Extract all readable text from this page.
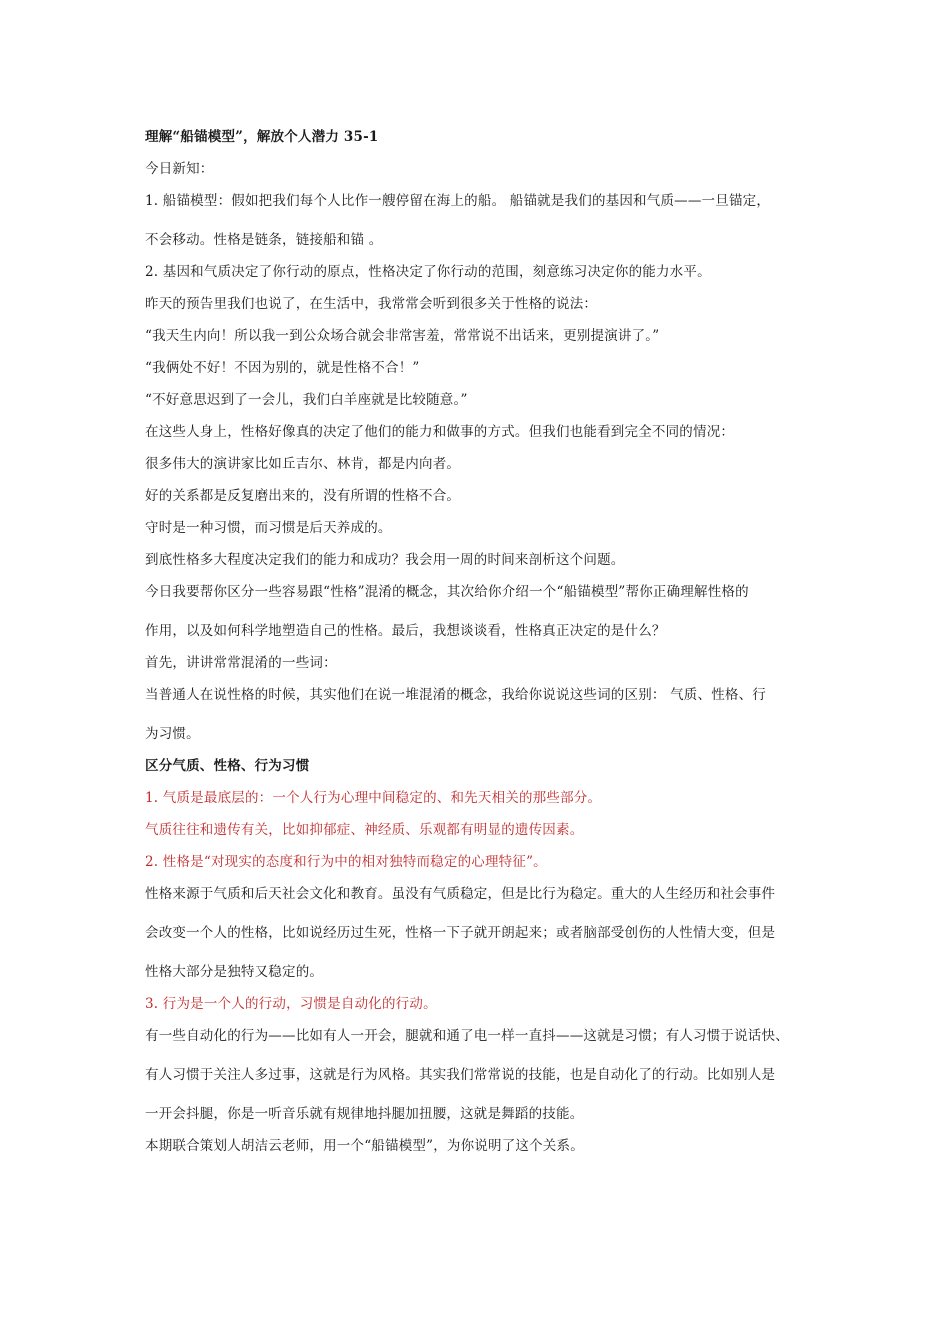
理解“船锚模型”，解放个人潜力 35-1
今日新知：
1. 船锚模型：假如把我们每个人比作一艘停留在海上的船。 船锚就是我们的基因和气质——一旦锚定，
不会移动。性格是链条，链接船和锚 。
2. 基因和气质决定了你行动的原点，性格决定了你行动的范围，刻意练习决定你的能力水平。
昨天的预告里我们也说了，在生活中，我常常会听到很多关于性格的说法：
“我天生内向！所以我一到公众场合就会非常害羞，常常说不出话来，更别提演讲了。”
“我俩处不好！不因为别的，就是性格不合！”
“不好意思迟到了一会儿，我们白羊座就是比较随意。”
在这些人身上，性格好像真的决定了他们的能力和做事的方式。但我们也能看到完全不同的情况：
很多伟大的演讲家比如丘吉尔、林肯，都是内向者。
好的关系都是反复磨出来的，没有所谓的性格不合。
守时是一种习惯，而习惯是后天养成的。
到底性格多大程度决定我们的能力和成功？我会用一周的时间来剖析这个问题。
今日我要帮你区分一些容易跟“性格”混淆的概念，其次给你介绍一个“船锚模型”帮你正确理解性格的
作用，以及如何科学地塑造自己的性格。最后，我想谈谈看，性格真正决定的是什么？
首先，讲讲常常混淆的一些词：
当普通人在说性格的时候，其实他们在说一堆混淆的概念，我给你说说这些词的区别： 气质、性格、行
为习惯。
区分气质、性格、行为习惯
1. 气质是最底层的：一个人行为心理中间稳定的、和先天相关的那些部分。
气质往往和遗传有关，比如抑郁症、神经质、乐观都有明显的遗传因素。
2. 性格是“对现实的态度和行为中的相对独特而稳定的心理特征”。
性格来源于气质和后天社会文化和教育。虽没有气质稳定，但是比行为稳定。重大的人生经历和社会事件
会改变一个人的性格，比如说经历过生死，性格一下子就开朗起来；或者脑部受创伤的人性情大变，但是
性格大部分是独特又稳定的。
3. 行为是一个人的行动，习惯是自动化的行动。
有一些自动化的行为——比如有人一开会，腿就和通了电一样一直抖——这就是习惯；有人习惯于说话快、
有人习惯于关注人多过事，这就是行为风格。其实我们常常说的技能，也是自动化了的行动。比如别人是
一开会抖腿，你是一听音乐就有规律地抖腿加扭腰，这就是舞蹈的技能。
本期联合策划人胡洁云老师，用一个“船锚模型”，为你说明了这个关系。
